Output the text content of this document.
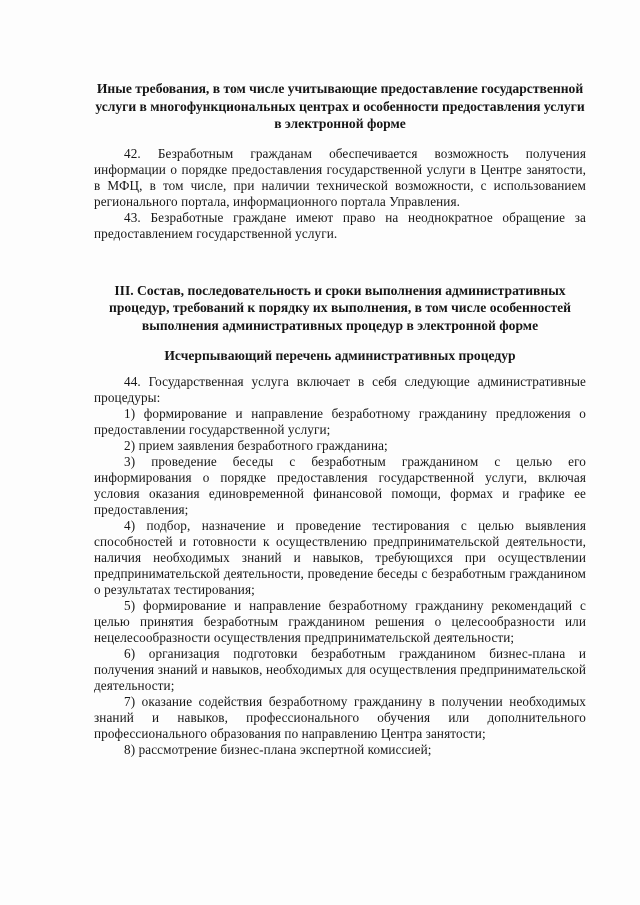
Иные требования, в том числе учитывающие предоставление государственной услуги в многофункциональных центрах и особенности предоставления услуги в электронной форме

42. Безработным гражданам обеспечивается возможность получения информации о порядке предоставления государственной услуги в Центре занятости, в МФЦ, в том числе, при наличии технической возможности, с использованием регионального портала, информационного портала Управления.

43. Безработные граждане имеют право на неоднократное обращение за предоставлением государственной услуги.

III. Состав, последовательность и сроки выполнения административных процедур, требований к порядку их выполнения, в том числе особенностей выполнения административных процедур в электронной форме

Исчерпывающий перечень административных процедур

44. Государственная услуга включает в себя следующие административные процедуры:

1) формирование и направление безработному гражданину предложения о предоставлении государственной услуги;

2) прием заявления безработного гражданина;

3) проведение беседы с безработным гражданином с целью его информирования о порядке предоставления государственной услуги, включая условия оказания единовременной финансовой помощи, формах и графике ее предоставления;

4) подбор, назначение и проведение тестирования с целью выявления способностей и готовности к осуществлению предпринимательской деятельности, наличия необходимых знаний и навыков, требующихся при осуществлении предпринимательской деятельности, проведение беседы с безработным гражданином о результатах тестирования;

5) формирование и направление безработному гражданину рекомендаций с целью принятия безработным гражданином решения о целесообразности или нецелесообразности осуществления предпринимательской деятельности;

6) организация подготовки безработным гражданином бизнес-плана и получения знаний и навыков, необходимых для осуществления предпринимательской деятельности;

7) оказание содействия безработному гражданину в получении необходимых знаний и навыков, профессионального обучения или дополнительного профессионального образования по направлению Центра занятости;

8) рассмотрение бизнес-плана экспертной комиссией;
